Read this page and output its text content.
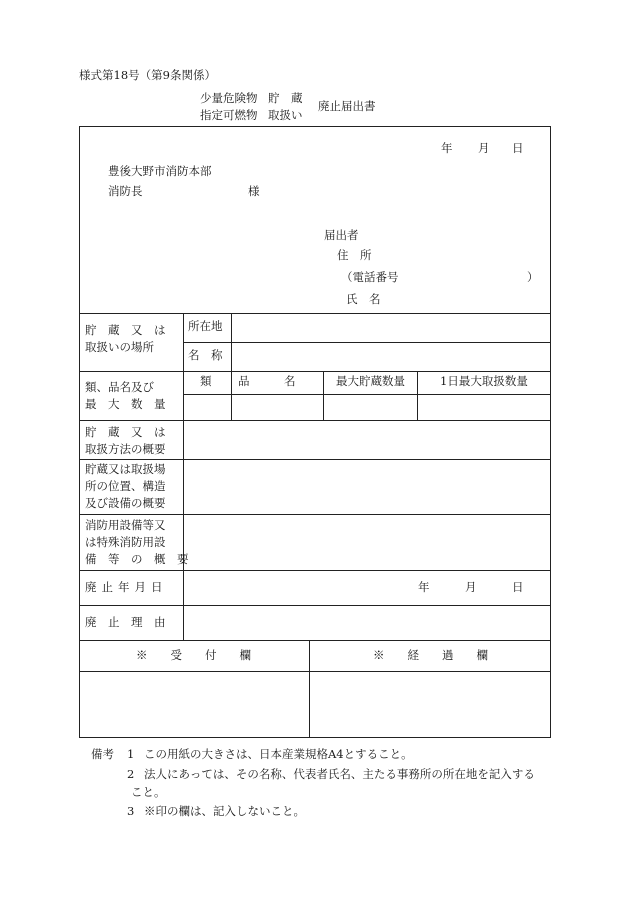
様式第18号（第9条関係）
少量危険物 貯　蔵
指定可燃物 取扱い
廃止届出書
年 月 日
豊後大野市消防本部
消防長	様
届出者
住　所
（電話番号	）
氏　名
貯　蔵　又　は
取扱いの場所
所在地
名　称
類、品名及び
最　大　数　量
類 品　　　名	最大貯蔵数量	1日最大取扱数量
貯　蔵　又　は
取扱方法の概要
貯蔵又は取扱場
所の位置、構造
及び設備の概要
消防用設備等又
は特殊消防用設
備　等　の　概　要
廃止年月日	年	月	日
廃　止　理　由
※　　受　　付　　欄	※　　経　　過　　欄
備考 1 この用紙の大きさは、日本産業規格A4とすること。
2 法人にあっては、その名称、代表者氏名、主たる事務所の所在地を記入する
こと。
3 ※印の欄は、記入しないこと。
